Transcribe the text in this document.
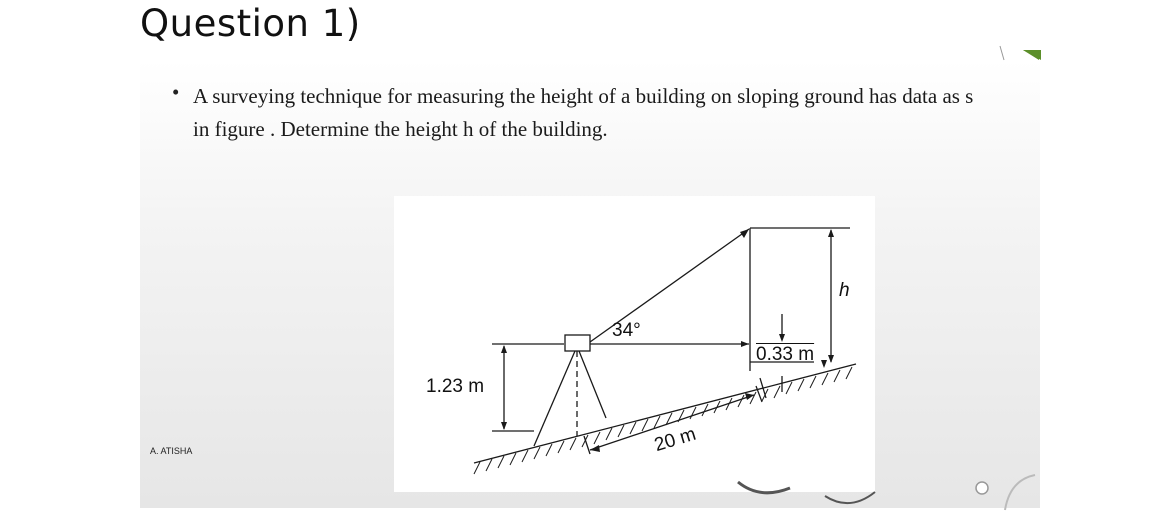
Question 1)
• A surveying technique for measuring the height of a building on sloping ground has data as s
in figure . Determine the height h of the building.
A. ATISHA
34°
1.23 m
20 m
0.33 m
h
